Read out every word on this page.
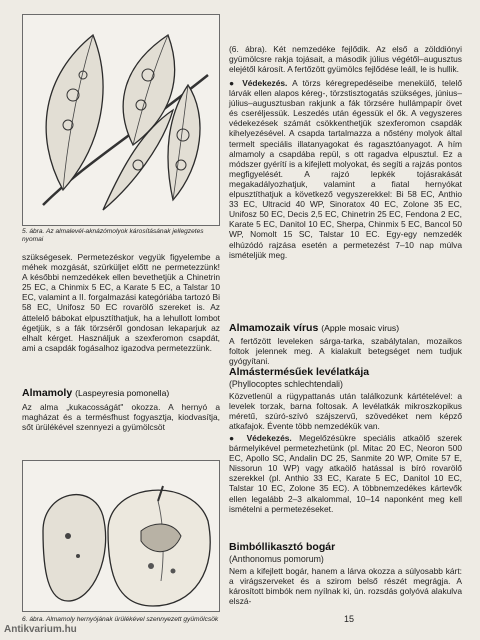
5. ábra. Az almalevél-aknázómolyok károsításának jellegzetes nyomai
szükségesek. Permetezéskor vegyük figyelembe a méhek mozgását, szürküljet előtt ne permetezzünk! A későbbi nemzedékek ellen bevethetjük a Chinetrin 25 EC, a Chinmix 5 EC, a Karate 5 EC, a Talstar 10 EC, valamint a II. forgalmazási kategóriába tartozó Bi 58 EC, Unifosz 50 EC rovarölő szereket is. Az áttelelő bábokat elpusztíthatjuk, ha a lehullott lombot égetjük, s a fák törzséről gondosan lekaparjuk az elhalt kérget. Használjuk a szexferomon csapdát, ami a csapdák fogásalhoz igazodva permetezzünk.
Almamoly (Laspeyresia pomonella)
Az alma „kukacosságát" okozza. A hernyó a magházat és a termésfhust fogyasztja, kiodvasítja, sőt ürülékével szennyezi a gyümölcsöt
6. ábra. Almamoly hernyójának ürülékével szennyezett gyümölcsök
(6. ábra). Két nemzedéke fejlődik. Az első a zölddiónyi gyümölcsre rakja tojásait, a második július végétől–augusztus elejétől károsít. A fertőzött gyümölcs fejlődése leáll, le is hullik.
● Védekezés. A törzs kéregrepedéseibe menekülő, telelő lárvák ellen alapos kéreg-, törzstisztogatás szükséges, június–július–augusztusban rakjunk a fák törzsére hullámpapír övet és cseréljessük. Leszedés után égessük el ők. A vegyszeres védekezések számát csökkenthetjük szexferomon csapdák kihelyezésével. A csapda tartalmazza a nőstény molyok által termelt speciális illatanyagokat és ragasztóanyagot. A hím almamoly a csapdába repül, s ott ragadva elpusztul. Ez a módszer gyérítí is a kifejlett molyokat, és segíti a rajzás pontos megfigyelését. A rajzó lepkék tojásrakását megakadályozhatjuk, valamint a fiatal hernyókat elpusztíthatjuk a következő vegyszerekkel: Bi 58 EC, Anthio 33 EC, Ultracid 40 WP, Sinoratox 40 EC, Zolone 35 EC, Unifosz 50 EC, Decis 2,5 EC, Chinetrin 25 EC, Fendona 2 EC, Karate 5 EC, Danitol 10 EC, Sherpa, Chinmix 5 EC, Bancol 50 WP, Nomolt 15 SC, Talstar 10 EC. Egy-egy nemzedék elhúzódó rajzása esetén a permetezést 7–10 nap múlva ismételjük meg.
Almamozaik vírus (Apple mosaic virus)
A fertőzött leveleken sárga-tarka, szabálytalan, mozaikos foltok jelennek meg. A kialakult betegséget nem tudjuk gyógyítani.
Almástermésűek levélatkája
(Phyllocoptes schlechtendali)
Közvetlenül a rügypattanás után találkozunk kártételével: a levelek torzak, barna foltosak. A levélatkák mikroszkopikus méretű, szúró-szívó szájszervű, szövedéket nem képző atkafajok. Évente több nemzedékük van.
● Védekezés. Megelőzésükre speciális atkaölő szerek bármelyikével permetezhetünk (pl. Mitac 20 EC, Neoron 500 EC, Apollo SC, Andalin DC 25, Sanmite 20 WP, Omite 57 E, Nissorun 10 WP) vagy atkaölő hatással is bíró rovarölő szerekkel (pl. Anthio 33 EC, Karate 5 EC, Danitol 10 EC, Talstar 10 EC, Zolone 35 EC). A többnemzedékes kártevők ellen legalább 2–3 alkalommal, 10–14 naponként meg kell ismételni a permetezéseket.
Bimbóllikasztó bogár
(Anthonomus pomorum)
Nem a kifejlett bogár, hanem a lárva okozza a súlyosabb kárt: a virágszerveket és a szirom belső részét megrágja. A károsított bimbók nem nyílnak ki, ún. rozsdás golyóvá alakulva elszá-
15
Antikvarium.hu
